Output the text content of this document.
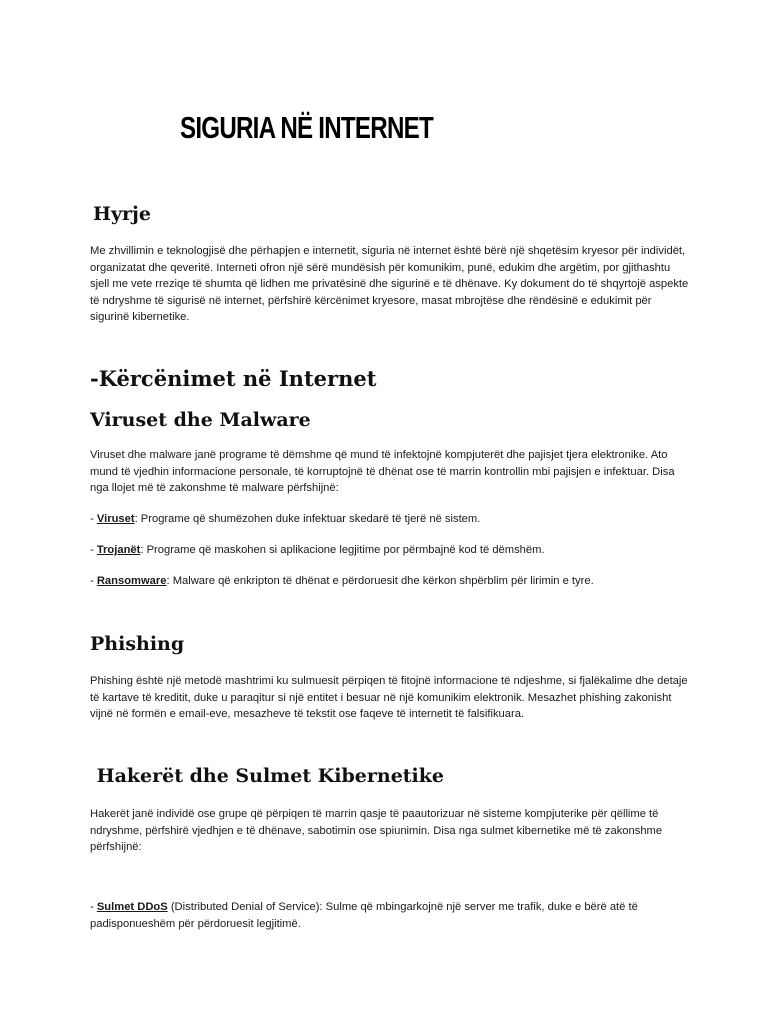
SIGURIA NË INTERNET
Hyrje

Me zhvillimin e teknologjisë dhe përhapjen e internetit, siguria në internet është bërë një shqetësim kryesor për individët, organizatat dhe qeveritë. Interneti ofron një sërë mundësish për komunikim, punë, edukim dhe argëtim, por gjithashtu sjell me vete rreziqe të shumta që lidhen me privatësinë dhe sigurinë e të dhënave. Ky dokument do të shqyrtojë aspekte të ndryshme të sigurisë në internet, përfshirë kërcënimet kryesore, masat mbrojtëse dhe rëndësinë e edukimit për sigurinë kibernetike.

-Kërcënimet në Internet
Viruset dhe Malware

Viruset dhe malware janë programe të dëmshme që mund të infektojnë kompjuterët dhe pajisjet tjera elektronike. Ato mund të vjedhin informacione personale, të korruptojnë të dhënat ose të marrin kontrollin mbi pajisjen e infektuar. Disa nga llojet më të zakonshme të malware përfshijnë:

- Viruset: Programe që shumëzohen duke infektuar skedarë të tjerë në sistem.

- Trojanët: Programe që maskohen si aplikacione legjitime por përmbajnë kod të dëmshëm.

- Ransomware: Malware që enkripton të dhënat e përdoruesit dhe kërkon shpërblim për lirimin e tyre.

Phishing

Phishing është një metodë mashtrimi ku sulmuesit përpiqen të fitojnë informacione të ndjeshme, si fjalëkalime dhe detaje të kartave të kreditit, duke u paraqitur si një entitet i besuar në një komunikim elektronik. Mesazhet phishing zakonisht vijnë në formën e email-eve, mesazheve të tekstit ose faqeve të internetit të falsifikuara.

Hakerët dhe Sulmet Kibernetike

Hakerët janë individë ose grupe që përpiqen të marrin qasje të paautorizuar në sisteme kompjuterike për qëllime të ndryshme, përfshirë vjedhjen e të dhënave, sabotimin ose spiunimin. Disa nga sulmet kibernetike më të zakonshme përfshijnë:

- Sulmet DDoS (Distributed Denial of Service): Sulme që mbingarkojnë një server me trafik, duke e bërë atë të padisponueshëm për përdoruesit legjitimë.
